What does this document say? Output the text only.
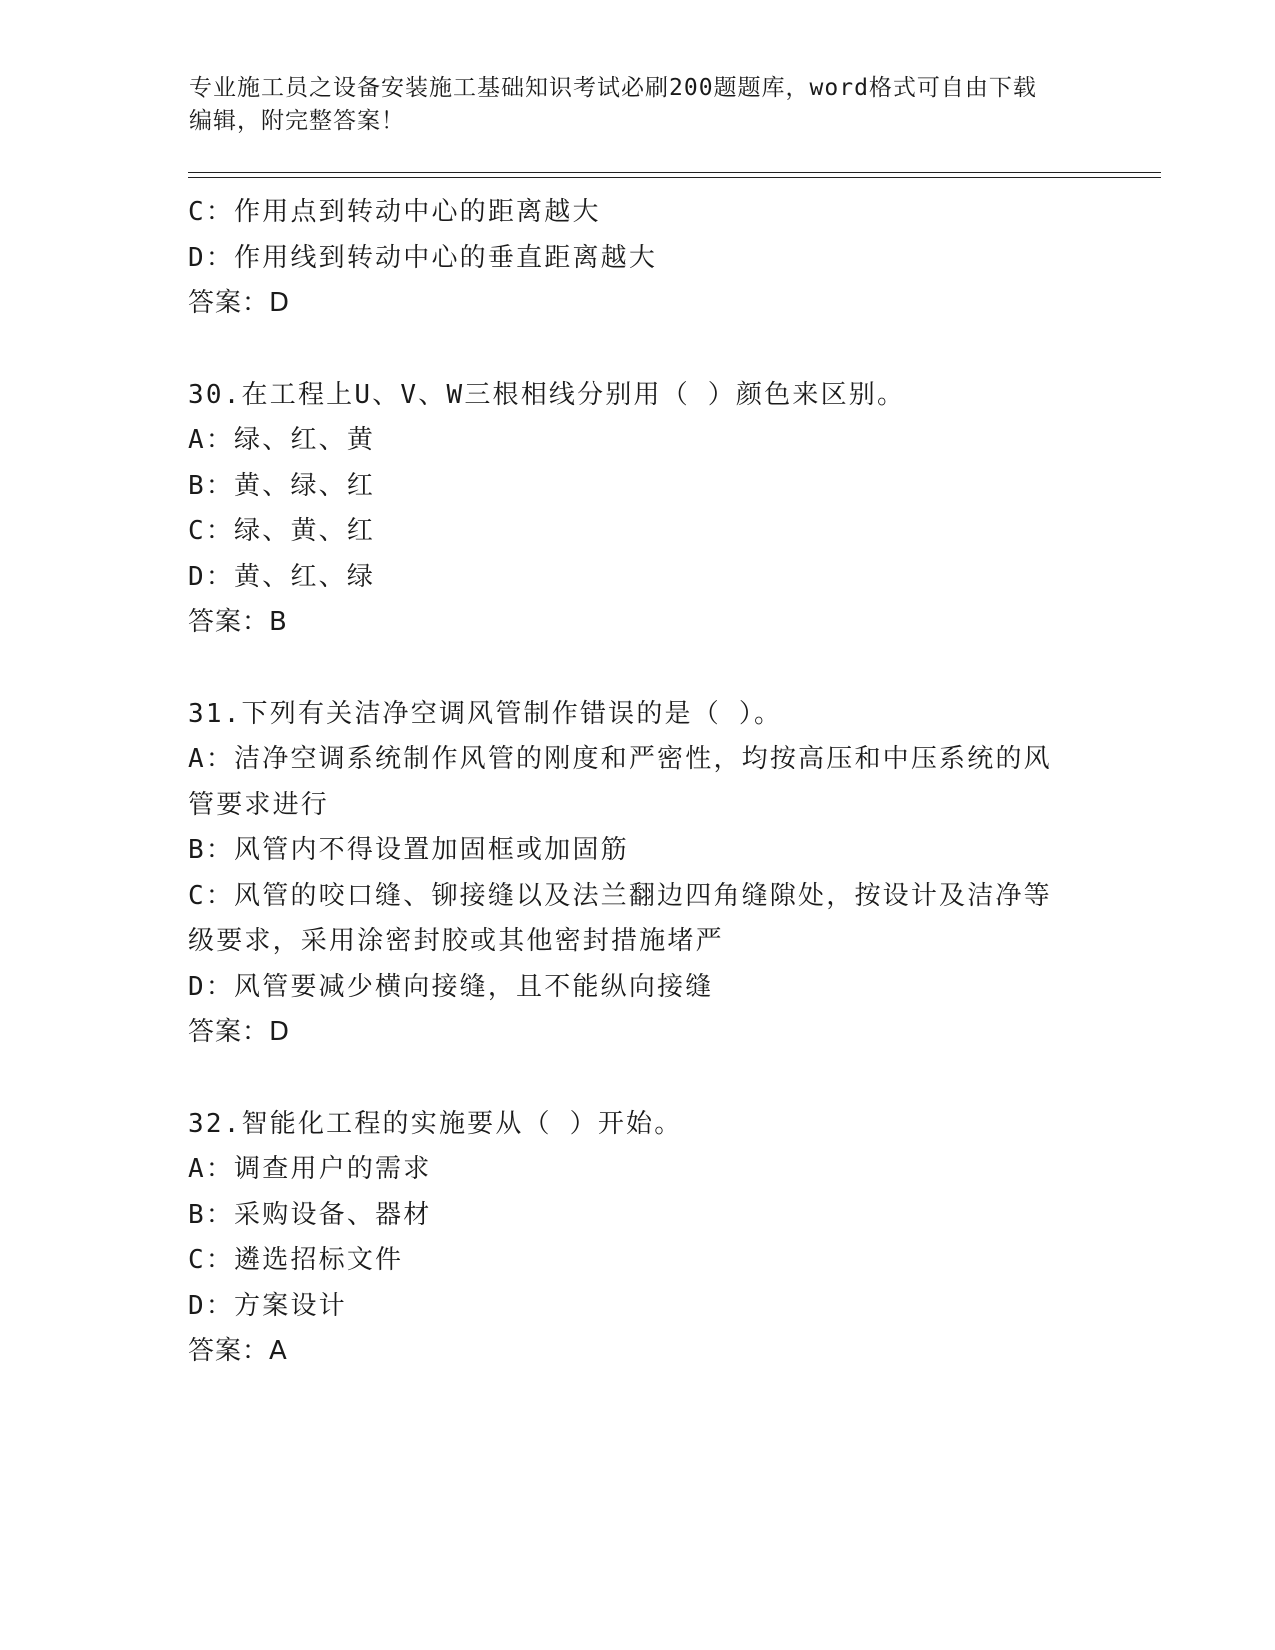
专业施工员之设备安装施工基础知识考试必刷200题题库，word格式可自由下载
编辑，附完整答案！
C：作用点到转动中心的距离越大
D：作用线到转动中心的垂直距离越大
答案：D
30.在工程上U、V、W三根相线分别用（ ）颜色来区别。
A：绿、红、黄
B：黄、绿、红
C：绿、黄、红
D：黄、红、绿
答案：B
31.下列有关洁净空调风管制作错误的是（ ）。
A：洁净空调系统制作风管的刚度和严密性，均按高压和中压系统的风
管要求进行
B：风管内不得设置加固框或加固筋
C：风管的咬口缝、铆接缝以及法兰翻边四角缝隙处，按设计及洁净等
级要求，采用涂密封胶或其他密封措施堵严
D：风管要减少横向接缝，且不能纵向接缝
答案：D
32.智能化工程的实施要从（ ）开始。
A：调查用户的需求
B：采购设备、器材
C：遴选招标文件
D：方案设计
答案：A
